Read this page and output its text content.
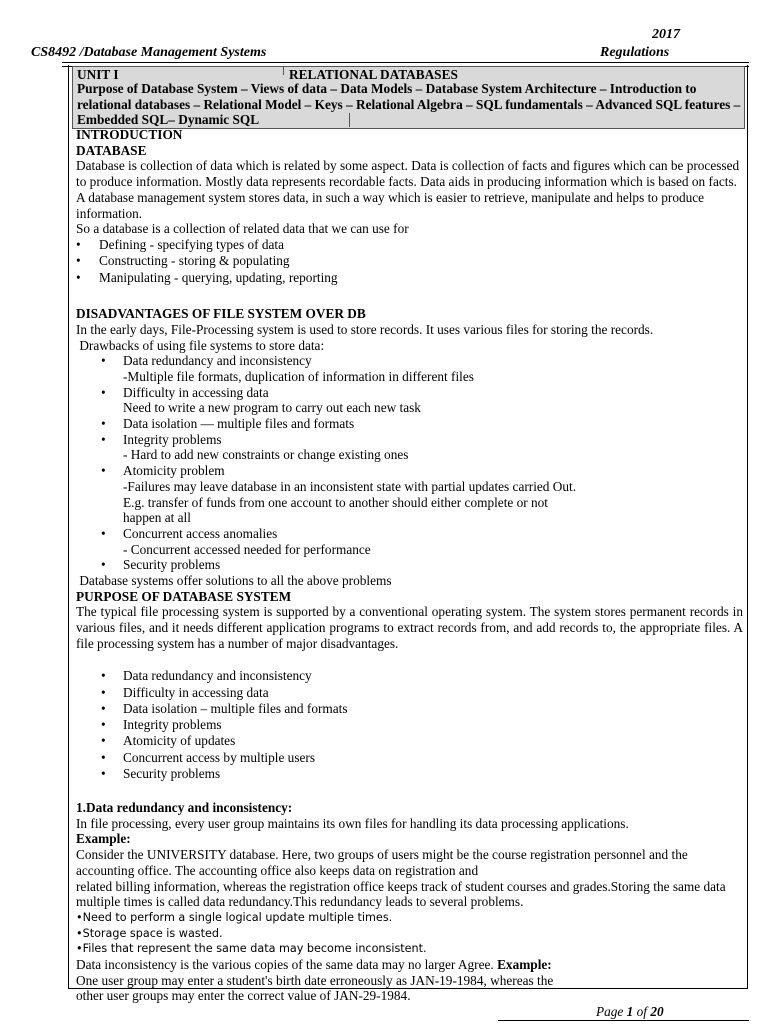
2017
CS8492 /Database Management Systems	Regulations
UNIT I	RELATIONAL DATABASES
Purpose of Database System – Views of data – Data Models – Database System Architecture – Introduction to relational databases – Relational Model – Keys – Relational Algebra – SQL fundamentals – Advanced SQL features – Embedded SQL– Dynamic SQL

INTRODUCTION

DATABASE

Database is collection of data which is related by some aspect. Data is collection of facts and figures which can be processed to produce information. Mostly data represents recordable facts. Data aids in producing information which is based on facts. A database management system stores data, in such a way which is easier to retrieve, manipulate and helps to produce information.

So a database is a collection of related data that we can use for

• Defining - specifying types of data
• Constructing - storing & populating
• Manipulating - querying, updating, reporting

DISADVANTAGES OF FILE SYSTEM OVER DB

In the early days, File-Processing system is used to store records. It uses various files for storing the records.

Drawbacks of using file systems to store data:

• Data redundancy and inconsistency

-Multiple file formats, duplication of information in different files

• Difficulty in accessing data

Need to write a new program to carry out each new task

• Data isolation — multiple files and formats
• Integrity problems

- Hard to add new constraints or change existing ones

• Atomicity problem

-Failures may leave database in an inconsistent state with partial updates carried Out.

E.g. transfer of funds from one account to another should either complete or not

happen at all

• Concurrent access anomalies

- Concurrent accessed needed for performance

• Security problems

Database systems offer solutions to all the above problems

PURPOSE OF DATABASE SYSTEM

The typical file processing system is supported by a conventional operating system. The system stores permanent records in various files, and it needs different application programs to extract records from, and add records to, the appropriate files. A file processing system has a number of major disadvantages.

• Data redundancy and inconsistency
• Difficulty in accessing data
• Data isolation – multiple files and formats
• Integrity problems
• Atomicity of updates
• Concurrent access by multiple users
• Security problems

1.Data redundancy and inconsistency:

In file processing, every user group maintains its own files for handling its data processing applications.

Example:

Consider the UNIVERSITY database. Here, two groups of users might be the course registration personnel and the accounting office. The accounting office also keeps data on registration and

related billing information, whereas the registration office keeps track of student courses and grades.Storing the same data multiple times is called data redundancy.This redundancy leads to several problems.

•Need to perform a single logical update multiple times.

•Storage space is wasted.

•Files that represent the same data may become inconsistent.

Data inconsistency is the various copies of the same data may no larger Agree. Example:

One user group may enter a student's birth date erroneously as JAN-19-1984, whereas the

other user groups may enter the correct value of JAN-29-1984.

Page 1 of 20
